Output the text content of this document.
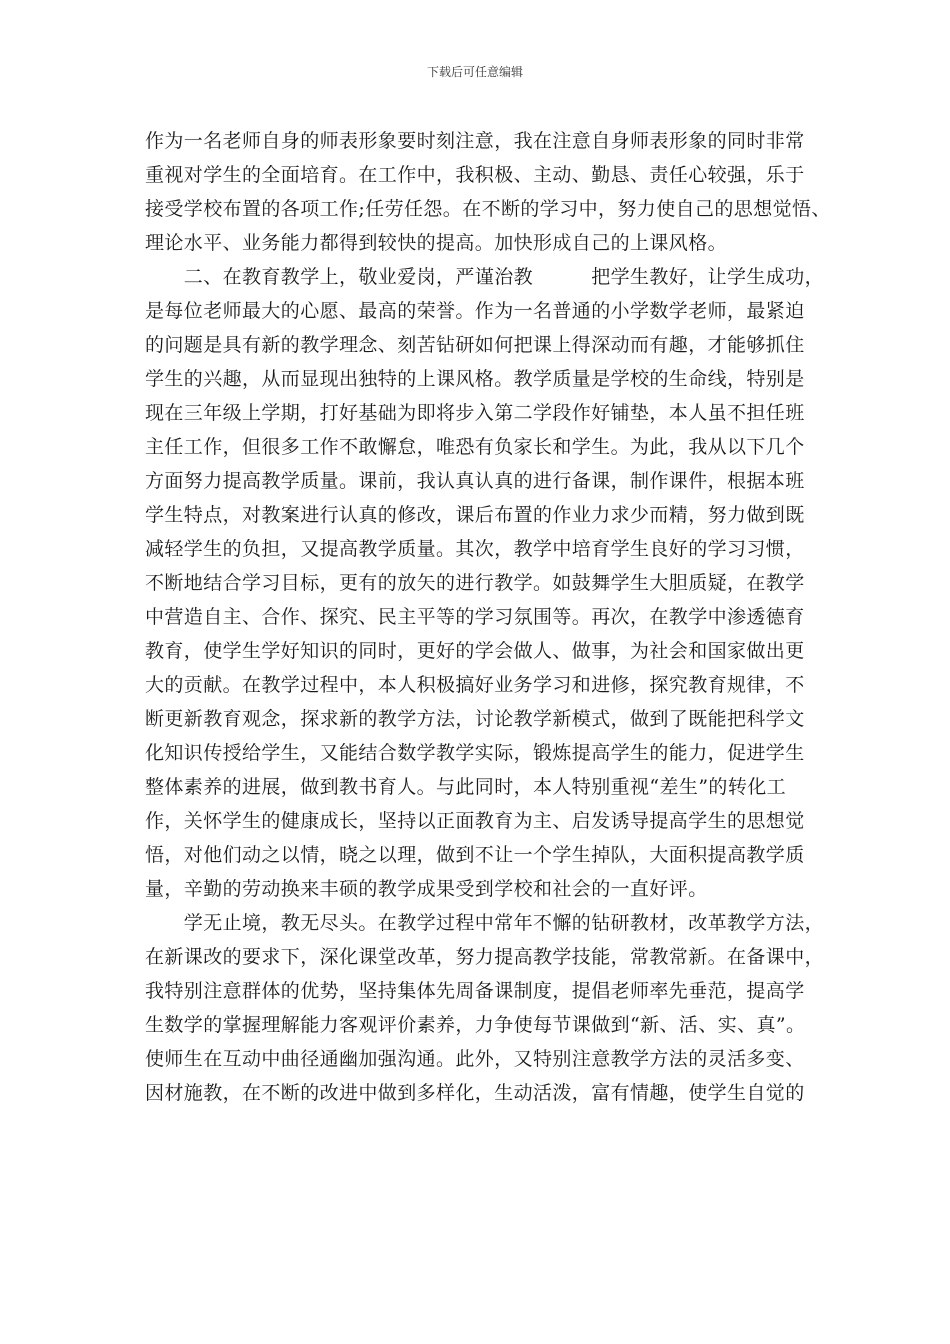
下载后可任意编辑
作为一名老师自身的师表形象要时刻注意，我在注意自身师表形象的同时非常
重视对学生的全面培育。在工作中，我积极、主动、勤恳、责任心较强，乐于
接受学校布置的各项工作;任劳任怨。在不断的学习中，努力使自己的思想觉悟、
理论水平、业务能力都得到较快的提高。加快形成自己的上课风格。
　　二、在教育教学上，敬业爱岗，严谨治教　　　把学生教好，让学生成功，
是每位老师最大的心愿、最高的荣誉。作为一名普通的小学数学老师，最紧迫
的问题是具有新的教学理念、刻苦钻研如何把课上得深动而有趣，才能够抓住
学生的兴趣，从而显现出独特的上课风格。教学质量是学校的生命线，特别是
现在三年级上学期，打好基础为即将步入第二学段作好铺垫，本人虽不担任班
主任工作，但很多工作不敢懈怠，唯恐有负家长和学生。为此，我从以下几个
方面努力提高教学质量。课前，我认真认真的进行备课，制作课件，根据本班
学生特点，对教案进行认真的修改，课后布置的作业力求少而精，努力做到既
减轻学生的负担，又提高教学质量。其次，教学中培育学生良好的学习习惯，
不断地结合学习目标，更有的放矢的进行教学。如鼓舞学生大胆质疑，在教学
中营造自主、合作、探究、民主平等的学习氛围等。再次，在教学中渗透德育
教育，使学生学好知识的同时，更好的学会做人、做事，为社会和国家做出更
大的贡献。在教学过程中，本人积极搞好业务学习和进修，探究教育规律，不
断更新教育观念，探求新的教学方法，讨论教学新模式，做到了既能把科学文
化知识传授给学生，又能结合数学教学实际，锻炼提高学生的能力，促进学生
整体素养的进展，做到教书育人。与此同时，本人特别重视“差生”的转化工
作，关怀学生的健康成长，坚持以正面教育为主、启发诱导提高学生的思想觉
悟，对他们动之以情，晓之以理，做到不让一个学生掉队，大面积提高教学质
量，辛勤的劳动换来丰硕的教学成果受到学校和社会的一直好评。
　　学无止境，教无尽头。在教学过程中常年不懈的钻研教材，改革教学方法，
在新课改的要求下，深化课堂改革，努力提高教学技能，常教常新。在备课中，
我特别注意群体的优势，坚持集体先周备课制度，提倡老师率先垂范，提高学
生数学的掌握理解能力客观评价素养，力争使每节课做到“新、活、实、真”。
使师生在互动中曲径通幽加强沟通。此外，又特别注意教学方法的灵活多变、
因材施教，在不断的改进中做到多样化，生动活泼，富有情趣，使学生自觉的
